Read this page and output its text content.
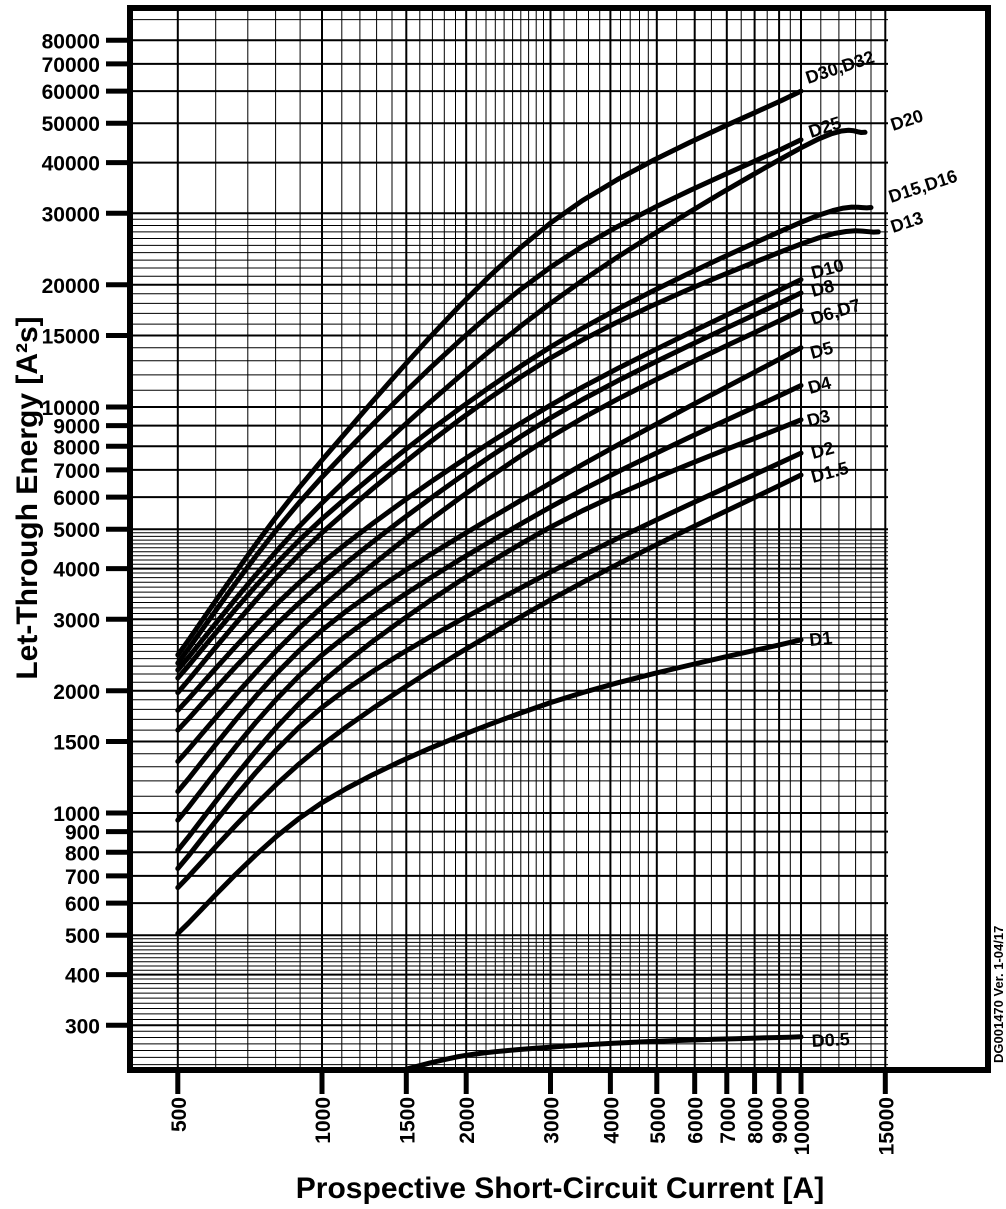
300
400
500
600
700
800
900
1000
1500
2000
3000
4000
5000
6000
7000
8000
9000
10000
15000
20000
30000
40000
50000
60000
70000
80000
500	1000	1500 2000	3000 4000 5000 6000 7000 8000 9000
10000	15000
D0.5
D1
D1.5
D2
D3
D4
D5
D6,D7
D8
D10
D13
D15,D16
D20
D25
D30,D32
Let-Through Energy [A²s]
Prospective Short-Circuit Current [A]
DG001470 Ver. 1-04/17
